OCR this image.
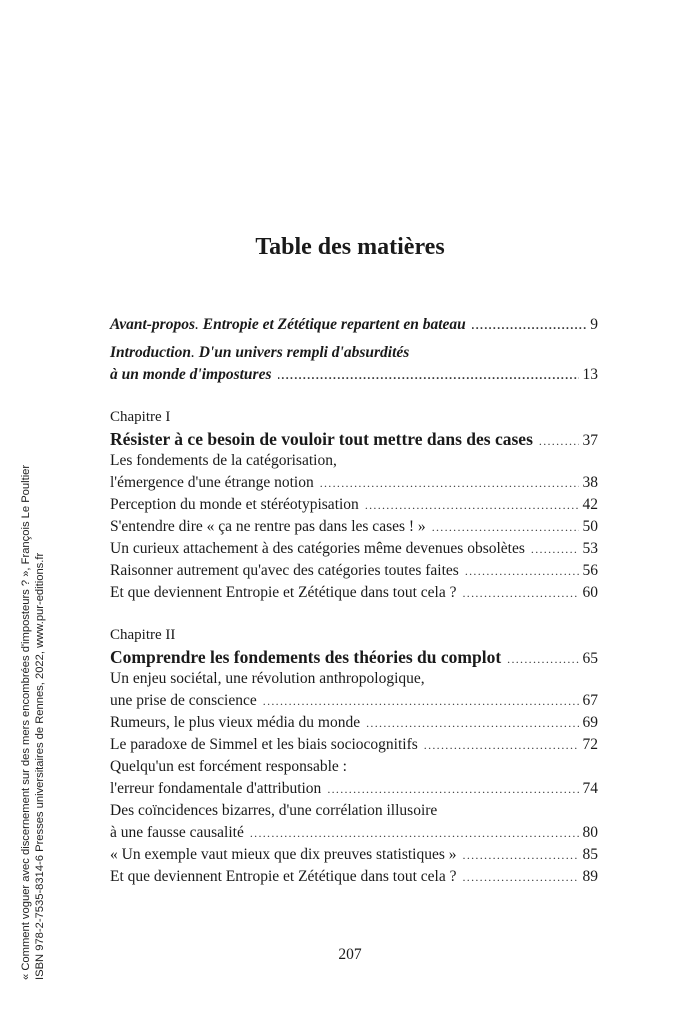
« Comment voguer avec discernement sur des mers encombrées d'imposteurs ? », François Le Poultier ISBN 978-2-7535-8314-6 Presses universitaires de Rennes, 2022, www.pur-editions.fr
Table des matières
Avant-propos. Entropie et Zététique repartent en bateau .....	9
Introduction. D'un univers rempli d'absurdités
à un monde d'impostures .....	13
Chapitre I
Résister à ce besoin de vouloir tout mettre dans des cases .....	37
Les fondements de la catégorisation,
l'émergence d'une étrange notion .....	38
Perception du monde et stéréotypisation .....	42
S'entendre dire « ça ne rentre pas dans les cases ! » .....	50
Un curieux attachement à des catégories même devenues obsolètes .....	53
Raisonner autrement qu'avec des catégories toutes faites .....	56
Et que deviennent Entropie et Zététique dans tout cela ? .....	60
Chapitre II
Comprendre les fondements des théories du complot .....	65
Un enjeu sociétal, une révolution anthropologique,
une prise de conscience .....	67
Rumeurs, le plus vieux média du monde .....	69
Le paradoxe de Simmel et les biais sociocognitifs .....	72
Quelqu'un est forcément responsable :
l'erreur fondamentale d'attribution .....	74
Des coïncidences bizarres, d'une corrélation illusoire
à une fausse causalité .....	80
« Un exemple vaut mieux que dix preuves statistiques » .....	85
Et que deviennent Entropie et Zététique dans tout cela ? .....	89
207
